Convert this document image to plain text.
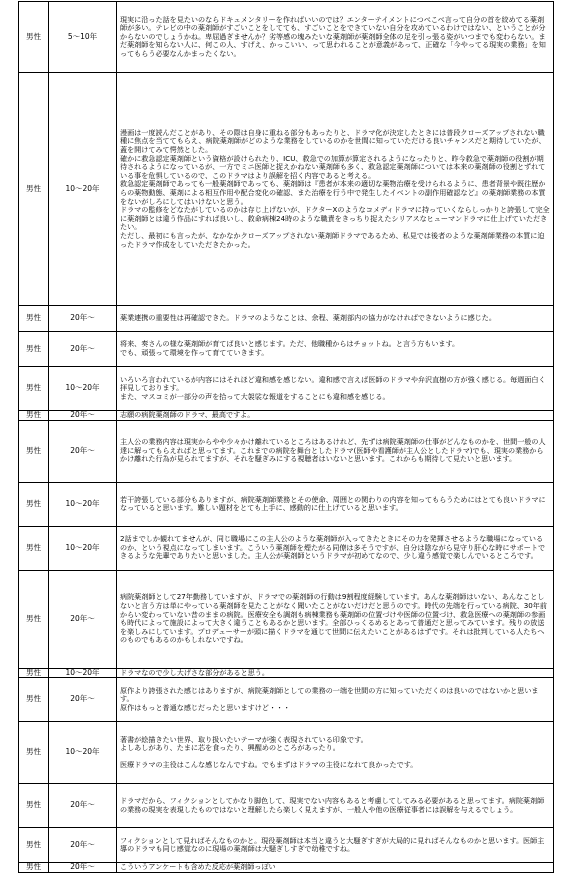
男性	5～10年	現実に沿った話を見たいのならドキュメンタリーを作ればいいのでは？エンターテイメントにつべこべ言って自分の首を絞めてる薬剤師が多い。テレビの中の薬剤師がすごいことをしてても、すごいことをできていない自分を攻めているわけではない、ということが分からないのでしょうかね。卑屈過ぎませんか？劣等感の塊みたいな薬剤師が薬剤師全体の足を引っ張る姿がいつまでも変わらない。まだ薬剤師を知らない人に、何この人、すげえ、かっこいい、って思われることが意義があって、正確な「今やってる現実の業務」を知ってもらう必要なんかまったくない。

男性	10～20年	漫画は一度読んだことがあり、その際は自身に重ねる部分もあったりと、ドラマ化が決定したときには普段クローズアップされない職種に焦点を当ててもらえ、病院薬剤師がどのような業務をしているのかを世間に知っていただける良いチャンスだと期待していたが、蓋を開けてみて愕然とした。

確かに救急認定薬剤師という資格が設けられたり、ICU、救急での加算が算定されるようになったりと、昨今救急で薬剤師の役割が期待されるようになっているが、一方でミニ医師と捉えかねない薬剤師も多く、救急認定薬剤師については本来の薬剤師の役割とずれている事を危惧しているので、このドラマはより誤解を招く内容であると考える。

救急認定薬剤師であっても一般薬剤師であっても、薬剤師は『患者が本来の適切な薬物治療を受けられるように、患者背景や既往歴からの薬物動態、薬剤による相互作用や配合変化の確認、また治療を行う中で発生したイベントの副作用確認など』の薬剤師業務の本質をないがしろにしてはいけないと思う。

ドラマの監修をどなたがしているのかは存じ上げないが、ドクターXのようなコメディドラマに持っていくならしっかりと誇張して完全に薬剤師とは違う作品にすれば良いし、救命病棟24時のような職責をきっちり捉えたシリアスなヒューマンドラマに仕上げていただきたい。

ただし、最初にも言ったが、なかなかクローズアップされない薬剤師ドラマであるため、私見では後者のような薬剤師業務の本質に迫ったドラマ作成をしていただきたかった。

男性	20年～	薬業連携の重要性は再確認できた。ドラマのようなことは、余程、薬剤部内の協力がなければできないように感じた。

男性	20年～	将来、奏さんの様な薬剤師が育てば良いと感じます。ただ、他職種からはチョットね。と言う方もいます。

でも、頑張って環境を作って育てていきます。

男性	10～20年	いろいろ言われているが内容にはそれほど違和感を感じない。違和感で言えば医師のドラマや弁沢直樹の方が強く感じる。毎週面白く拝見しております。

また、マスコミが一部分の声を拾って大袈裟な報道をすることにも違和感を感じる。

男性	20年～	志願の病院薬剤師のドラマ、最高ですよ。

男性	20年～	主人公の業務内容は現実からやや少々かけ離れているところはあるけれど、先ずは病院薬剤師の仕事がどんなものかを、世間一般の人達に解ってもらえればと思ってます。これまでの病院を舞台としたドラマ(医師や看護師が主人公としたドラマ)でも、現実の業務からかけ離れた行為が見られてますが、それを騒ぎみにする視聴者はいないと思います。これからも期待して見たいと思います。

男性	10～20年	若干誇張している部分もありますが、病院薬剤師業務とその使命、周囲との関わりの内容を知ってもらうためにはとても良いドラマになっていると思います。難しい題材をとても上手に、感動的に仕上げていると思います。

男性	10～20年	2話までしか観れてませんが、同じ職場にこの主人公のような薬剤師が入ってきたときにその力を発揮させるような職場になっているのか、という視点になってしまいます。こういう薬剤師を煙たがる同僚は多そうですが、自分は陰ながら見守り肝心な時にサポートできるような先輩でありたいと思いました。主人公が薬剤師というドラマが初めてなので、少し違う感覚で楽しんでいるところです。

男性	20年～	病院薬剤師として27年勤務していますが、ドラマでの薬剤師の行動は9割程度経験しています。あんな薬剤師はいない、あんなことしないと言う方は単にやっている薬剤師を見たことがなく聞いたことがないだけだと思うのです。時代の先端を行っている病院、30年前からい変わっていない昔のままの病院。医療安全も調剤も病棟業務も薬剤師の位置づけや医師の位置づけ、救急医療への薬剤師の参画も時代によって施設によって大きく違うこともあるかと思います。全部ひっくるめるとあって普通だと思ってみています。残りの放送を楽しみにしています。プロデューサーが頭に描くドラマを通じて世間に伝えたいことがあるはずです。それは批判している人たちへのものでもあるのかもしれないですね。

男性	10～20年	ドラマなので少し大げさな部分があると思う。

男性	20年～	原作より誇張された感じはありますが、病院薬剤師としての業務の一端を世間の方に知っていただくのは良いのではないかと思います。

原作はもっと普通な感じだったと思いますけど・・・

男性	10～20年	著書が絵描きたい世界、取り扱いたいテーマが強く表現されている印象です。

よしあしがあり、たまに芯を食ったり、興醒めのところがあったり。

医療ドラマの主役はこんな感じなんですね。でもまずはドラマの主役になれて良かったです。

男性	20年～	ドラマだから、フィクションとしてかなり脚色して、現実でない内容もあると考慮してしてみる必要があると思ってます。病院薬剤師の業務の現実を表現したものではないと理解したら楽しく見えますが、一般人や他の医療従事者には誤解を与えるでしょう。

男性	20年～	フィクションとして見ればそんなものかと。現役薬剤師は本当と違うと大騒ぎすぎが大局的に見ればそんなものかと思います。医師主導のドラマも同じ感覚なのに現場の薬剤師は大騒ぎしすぎで幼稚ですね。

男性	20年～	こういうアンケートも含めた反応が薬剤師っぽい
